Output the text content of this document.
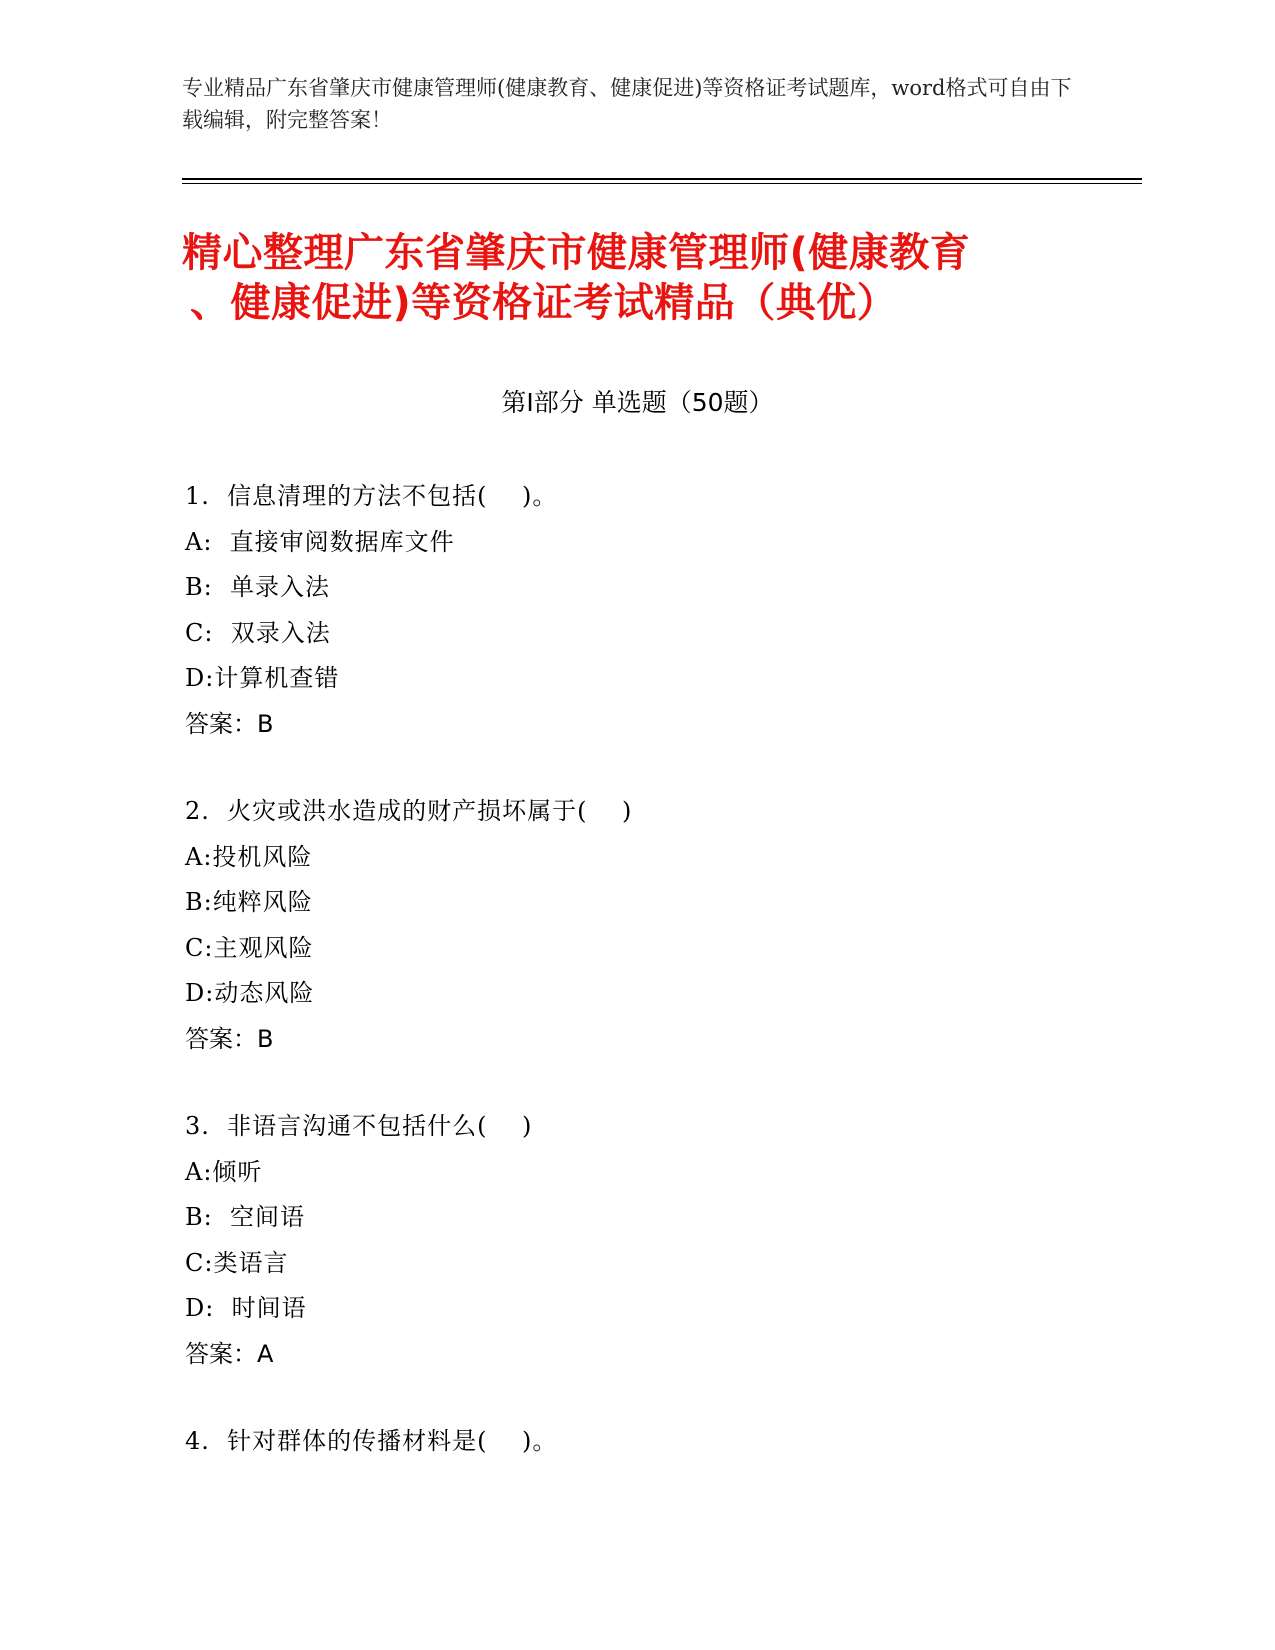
专业精品广东省肇庆市健康管理师(健康教育、健康促进)等资格证考试题库，word格式可自由下载编辑，附完整答案！
精心整理广东省肇庆市健康管理师(健康教育
、健康促进)等资格证考试精品（典优）
第Ⅰ部分 单选题（50题）
1.  信息清理的方法不包括(    )。
A:  直接审阅数据库文件
B:  单录入法
C:  双录入法
D:计算机查错
答案：B
2.  火灾或洪水造成的财产损坏属于(    )
A:投机风险
B:纯粹风险
C:主观风险
D:动态风险
答案：B
3.  非语言沟通不包括什么(    )
A:倾听
B:  空间语
C:类语言
D:  时间语
答案：A
4.  针对群体的传播材料是(    )。
